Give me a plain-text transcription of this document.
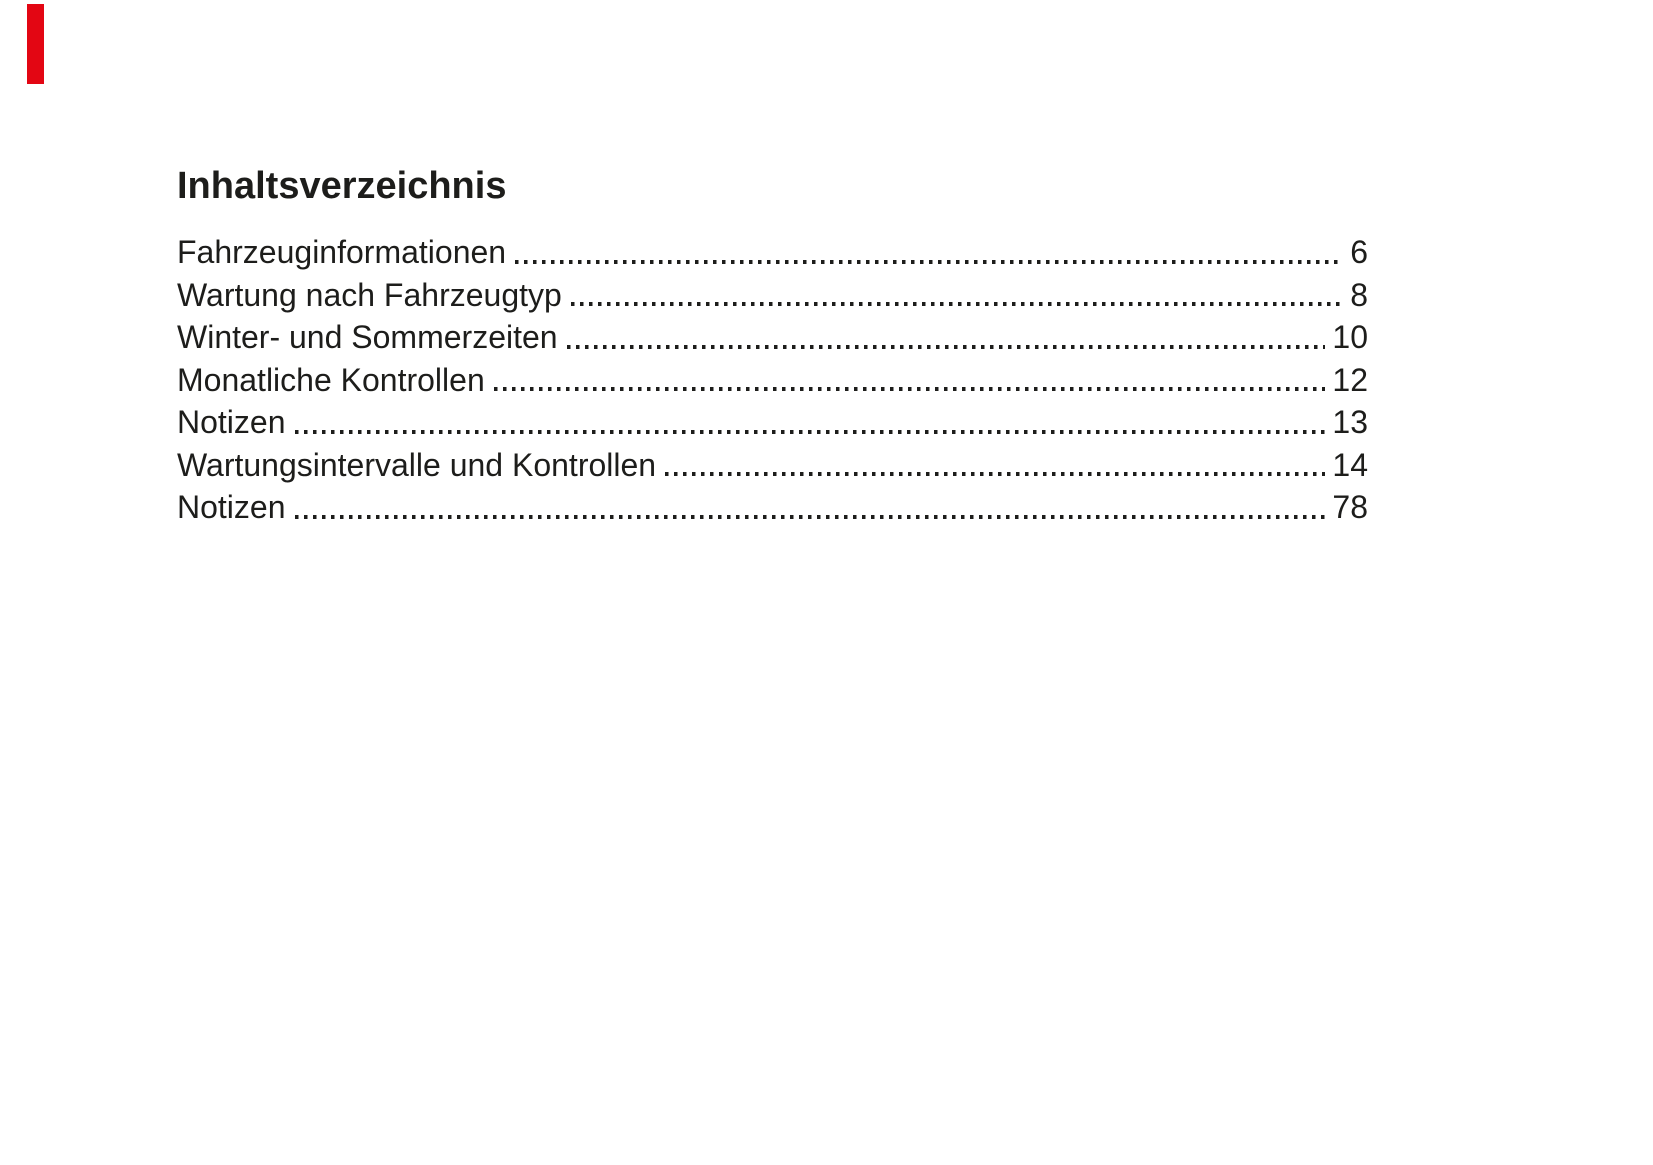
Inhaltsverzeichnis
Fahrzeuginformationen	6
Wartung nach Fahrzeugtyp	8
Winter- und Sommerzeiten	10
Monatliche Kontrollen	12
Notizen	13
Wartungsintervalle und Kontrollen	14
Notizen	78
